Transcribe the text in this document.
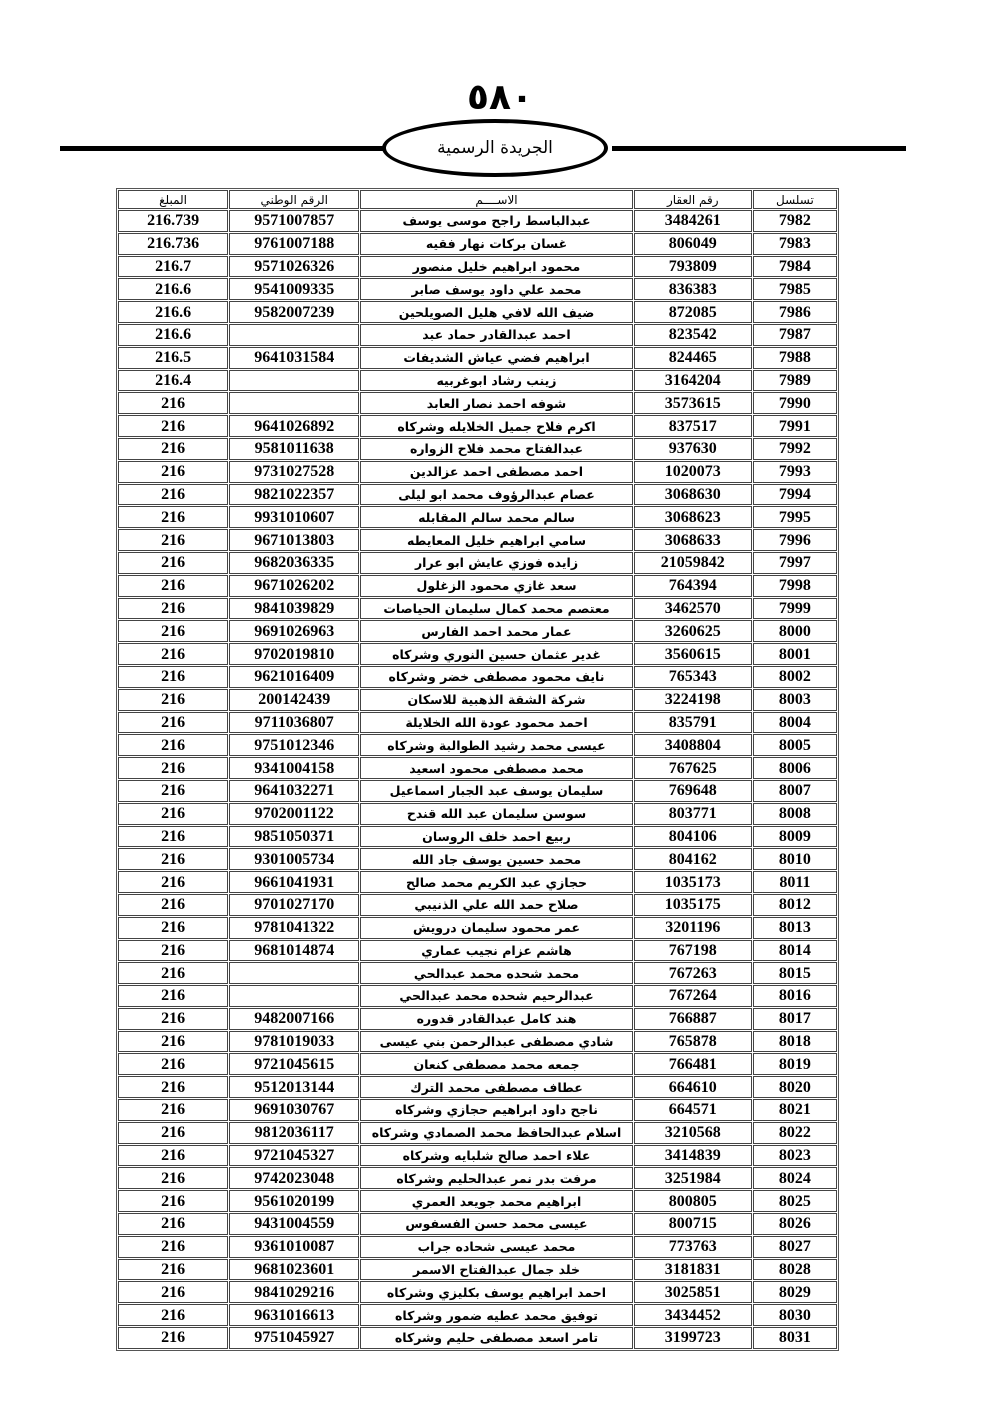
٥٨٠
الجريدة الرسمية
المبلغ	الرقم الوطني	الاســــم	رقم العقار	تسلسل
216.739	9571007857	عبدالباسط راجح موسى يوسف	3484261	7982
216.736	9761007188	غسان بركات نهار فقيه	806049	7983
216.7	9571026326	محمود ابراهيم خليل منصور	793809	7984
216.6	9541009335	محمد علي داود يوسف صابر	836383	7985
216.6	9582007239	ضيف الله لافي هليل الصويلحين	872085	7986
216.6		احمد عبدالقادر حماد عبد	823542	7987
216.5	9641031584	ابراهيم فضي عياش الشديفات	824465	7988
216.4		زينب رشاد ابوغربيه	3164204	7989
216		شوفه احمد نصار العابد	3573615	7990
216	9641026892	اكرم فلاح جميل الخلايله وشركاه	837517	7991
216	9581011638	عبدالفتاح محمد فلاح الزواره	937630	7992
216	9731027528	احمد مصطفى احمد عزالدين	1020073	7993
216	9821022357	عصام عبدالرؤوف محمد ابو ليلى	3068630	7994
216	9931010607	سالم محمد سالم المقابله	3068623	7995
216	9671013803	سامي ابراهيم خليل المعايطه	3068633	7996
216	9682036335	زايده فوزي عايش ابو عرار	21059842	7997
216	9671026202	سعد غازي محمود الزغلول	764394	7998
216	9841039829	معتصم محمد كمال سليمان الحياصات	3462570	7999
216	9691026963	عمار محمد احمد الفارس	3260625	8000
216	9702019810	غدير عثمان حسين النوري وشركاه	3560615	8001
216	9621016409	نايف محمود مصطفى خضر وشركاه	765343	8002
216	200142439	شركة الشقة الذهبية للاسكان	3224198	8003
216	9711036807	احمد محمود عودة الله الخلايلة	835791	8004
216	9751012346	عيسى محمد رشيد الطوالبة وشركاه	3408804	8005
216	9341004158	محمد مصطفى محمود اسعيد	767625	8006
216	9641032271	سليمان يوسف عبد الجبار اسماعيل	769648	8007
216	9702001122	سوسن سليمان عبد الله قندح	803771	8008
216	9851050371	ربيع احمد خلف الروسان	804106	8009
216	9301005734	محمد حسين يوسف جاد الله	804162	8010
216	9661041931	حجازي عبد الكريم محمد صالح	1035173	8011
216	9701027170	صلاح حمد الله علي الذنيبي	1035175	8012
216	9781041322	عمر محمود سليمان درويش	3201196	8013
216	9681014874	هاشم عزام نجيب عماري	767198	8014
216		محمد شحده محمد عبدالحي	767263	8015
216		عبدالرحيم شحده محمد عبدالحي	767264	8016
216	9482007166	هند كامل عبدالقادر قدوره	766887	8017
216	9781019033	شادي مصطفى عبدالرحمن بني عيسى	765878	8018
216	9721045615	جمعه محمد مصطفى كنعان	766481	8019
216	9512013144	عطاف مصطفى محمد الترك	664610	8020
216	9691030767	ناجح داود ابراهيم حجازي وشركاه	664571	8021
216	9812036117	اسلام عبدالحافظ محمد الصمادي وشركاه	3210568	8022
216	9721045327	علاء احمد صالح شلبايه وشركاه	3414839	8023
216	9742023048	مرفت بدر نمر عبدالحليم وشركاه	3251984	8024
216	9561020199	ابراهيم محمد جويعد العمري	800805	8025
216	9431004559	عيسى محمد حسن الفسفوس	800715	8026
216	9361010087	محمد عيسى شحاده جراب	773763	8027
216	9681023601	خلد جمال عبدالفتاح الاسمر	3181831	8028
216	9841029216	احمد ابراهيم يوسف بكليزي وشركاه	3025851	8029
216	9631016613	توفيق محمد عطيه ضمور وشركاه	3434452	8030
216	9751045927	تامر اسعد مصطفى حليم وشركاه	3199723	8031
